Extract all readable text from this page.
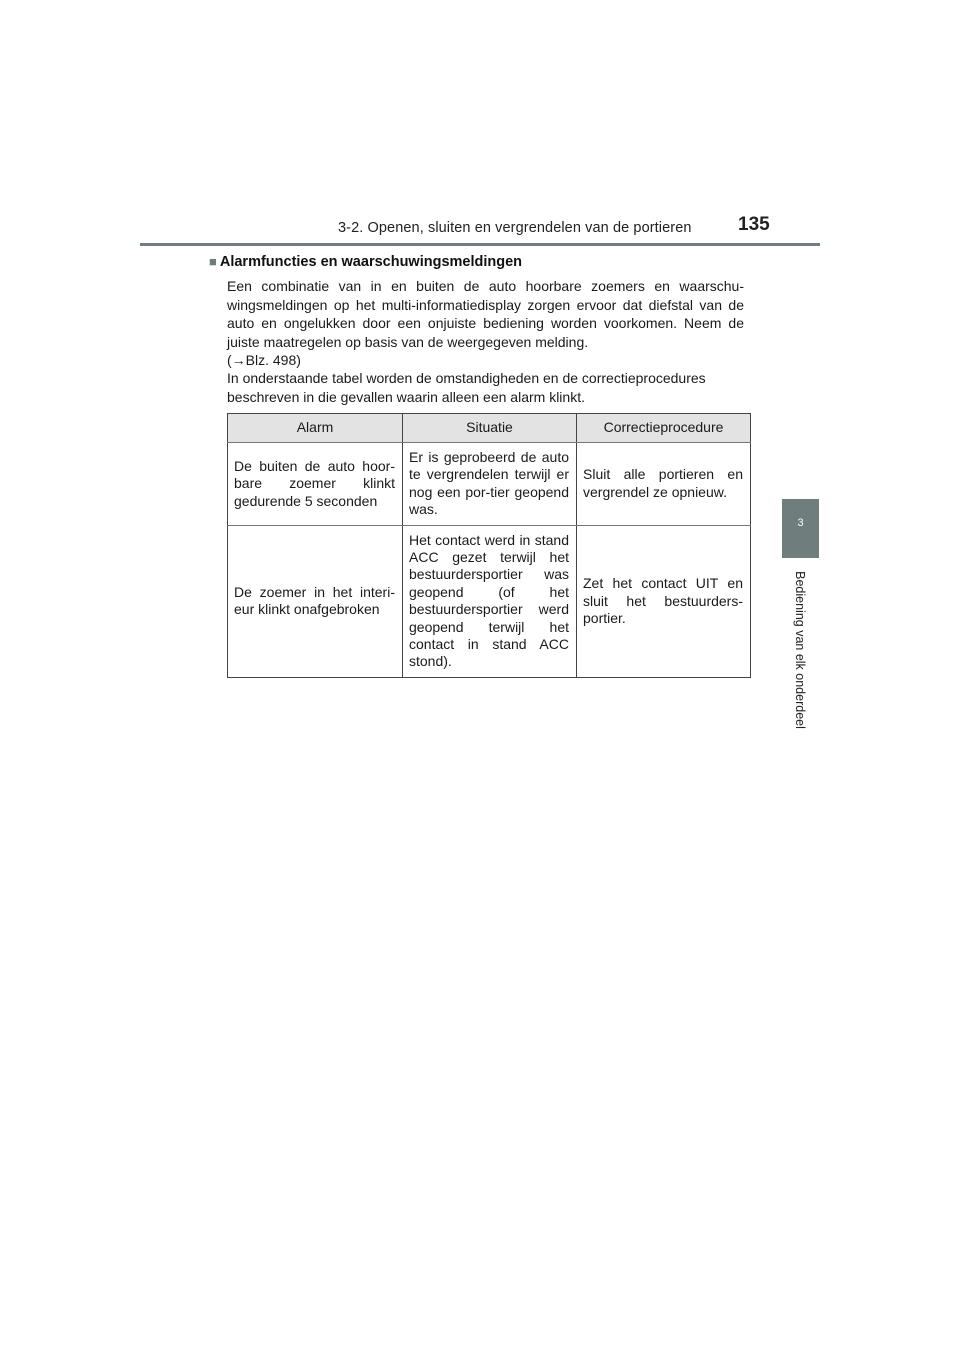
3-2. Openen, sluiten en vergrendelen van de portieren 135
3
Bediening van elk onderdeel
■ Alarmfuncties en waarschuwingsmeldingen
Een combinatie van in en buiten de auto hoorbare zoemers en waarschu-wingsmeldingen op het multi-informatiedisplay zorgen ervoor dat diefstal van de auto en ongelukken door een onjuiste bediening worden voorkomen. Neem de juiste maatregelen op basis van de weergegeven melding.
(→Blz. 498)
In onderstaande tabel worden de omstandigheden en de correctieprocedures
beschreven in die gevallen waarin alleen een alarm klinkt.
Alarm	Situatie	Correctieprocedure

De buiten de auto hoor-bare zoemer klinkt gedurende 5 seconden	Er is geprobeerd de auto te vergrendelen terwijl er nog een por-tier geopend was.	Sluit alle portieren en vergrendel ze opnieuw.

De zoemer in het interi-eur klinkt onafgebroken	Het contact werd in stand ACC gezet terwijl het bestuurdersportier was geopend (of het bestuurdersportier werd geopend terwijl het contact in stand ACC stond).	Zet het contact UIT en sluit het bestuurders-portier.
